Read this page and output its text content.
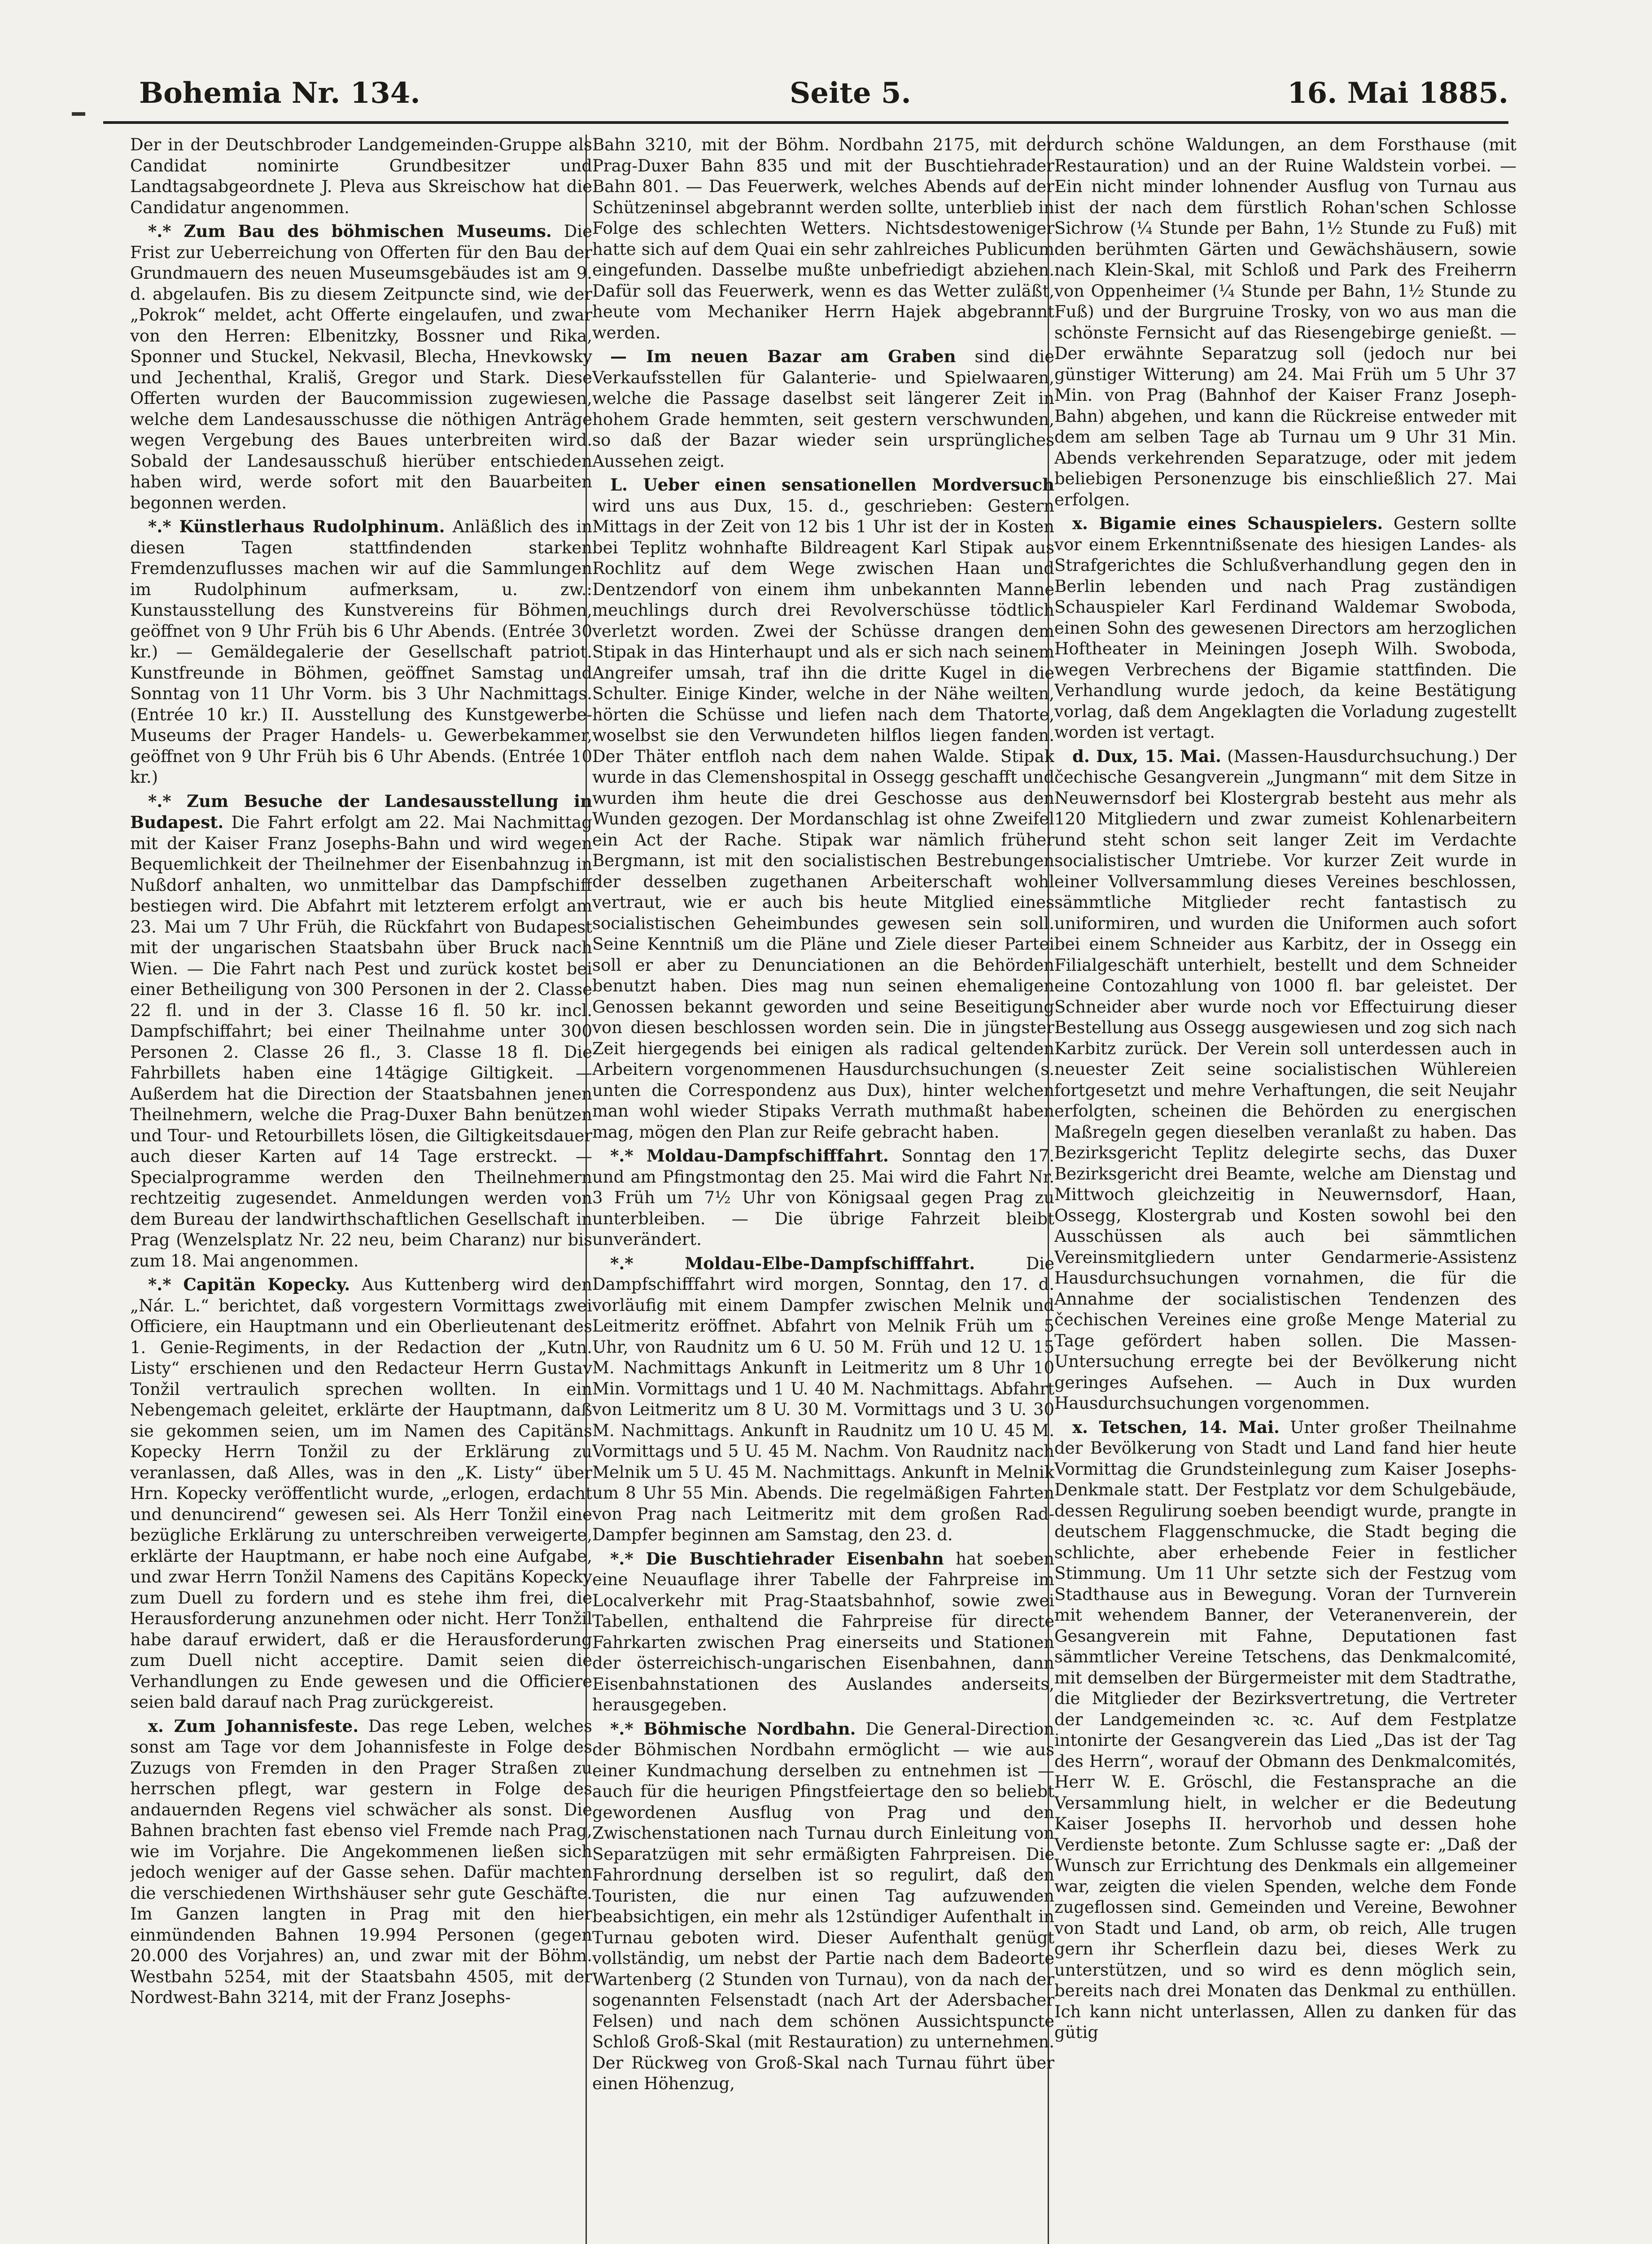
Bohemia Nr. 134.	Seite 5.	16. Mai 1885.

Der in der Deutschbroder Landgemeinden-Gruppe als Candidat nominirte Grundbesitzer und Landtagsabgeordnete J. Pleva aus Skreischow hat die Candidatur angenommen.

*.* Zum Bau des böhmischen Museums. Die Frist zur Ueberreichung von Offerten für den Bau der Grundmauern des neuen Museumsgebäudes ist am 9. d. abgelaufen. Bis zu diesem Zeitpuncte sind, wie der „Pokrok“ meldet, acht Offerte eingelaufen, und zwar von den Herren: Elbenitzky, Bossner und Rika, Sponner und Stuckel, Nekvasil, Blecha, Hnevkowsky und Jechenthal, Krališ, Gregor und Stark. Diese Offerten wurden der Baucommission zugewiesen, welche dem Landesausschusse die nöthigen Anträge wegen Vergebung des Baues unterbreiten wird. Sobald der Landesausschuß hierüber entschieden haben wird, werde sofort mit den Bauarbeiten begonnen werden.

*.* Künstlerhaus Rudolphinum. Anläßlich des in diesen Tagen stattfindenden starken Fremdenzuflusses machen wir auf die Sammlungen im Rudolphinum aufmerksam, u. zw.: Kunstausstellung des Kunstvereins für Böhmen, geöffnet von 9 Uhr Früh bis 6 Uhr Abends. (Entrée 30 kr.) — Gemäldegalerie der Gesellschaft patriot. Kunstfreunde in Böhmen, geöffnet Samstag und Sonntag von 11 Uhr Vorm. bis 3 Uhr Nachmittags. (Entrée 10 kr.) II. Ausstellung des Kunstgewerbe-Museums der Prager Handels- u. Gewerbekammer, geöffnet von 9 Uhr Früh bis 6 Uhr Abends. (Entrée 10 kr.)

*.* Zum Besuche der Landesausstellung in Budapest. Die Fahrt erfolgt am 22. Mai Nachmittag mit der Kaiser Franz Josephs-Bahn und wird wegen Bequemlichkeit der Theilnehmer der Eisenbahnzug in Nußdorf anhalten, wo unmittelbar das Dampfschiff bestiegen wird. Die Abfahrt mit letzterem erfolgt am 23. Mai um 7 Uhr Früh, die Rückfahrt von Budapest mit der ungarischen Staatsbahn über Bruck nach Wien. — Die Fahrt nach Pest und zurück kostet bei einer Betheiligung von 300 Personen in der 2. Classe 22 fl. und in der 3. Classe 16 fl. 50 kr. incl. Dampfschiffahrt; bei einer Theilnahme unter 300 Personen 2. Classe 26 fl., 3. Classe 18 fl. Die Fahrbillets haben eine 14tägige Giltigkeit. — Außerdem hat die Direction der Staatsbahnen jenen Theilnehmern, welche die Prag-Duxer Bahn benützen und Tour- und Retourbillets lösen, die Giltigkeitsdauer auch dieser Karten auf 14 Tage erstreckt. — Specialprogramme werden den Theilnehmern rechtzeitig zugesendet. Anmeldungen werden von dem Bureau der landwirthschaftlichen Gesellschaft in Prag (Wenzelsplatz Nr. 22 neu, beim Charanz) nur bis zum 18. Mai angenommen.

*.* Capitän Kopecky. Aus Kuttenberg wird den „Nár. L.“ berichtet, daß vorgestern Vormittags zwei Officiere, ein Hauptmann und ein Oberlieutenant des 1. Genie-Regiments, in der Redaction der „Kutn. Listy“ erschienen und den Redacteur Herrn Gustav Tonžil vertraulich sprechen wollten. In ein Nebengemach geleitet, erklärte der Hauptmann, daß sie gekommen seien, um im Namen des Capitäns Kopecky Herrn Tonžil zu der Erklärung zu veranlassen, daß Alles, was in den „K. Listy“ über Hrn. Kopecky veröffentlicht wurde, „erlogen, erdacht und denuncirend“ gewesen sei. Als Herr Tonžil eine bezügliche Erklärung zu unterschreiben verweigerte, erklärte der Hauptmann, er habe noch eine Aufgabe, und zwar Herrn Tonžil Namens des Capitäns Kopecky zum Duell zu fordern und es stehe ihm frei, die Herausforderung anzunehmen oder nicht. Herr Tonžil habe darauf erwidert, daß er die Herausforderung zum Duell nicht acceptire. Damit seien die Verhandlungen zu Ende gewesen und die Officiere seien bald darauf nach Prag zurückgereist.

x. Zum Johannisfeste. Das rege Leben, welches sonst am Tage vor dem Johannisfeste in Folge des Zuzugs von Fremden in den Prager Straßen zu herrschen pflegt, war gestern in Folge des andauernden Regens viel schwächer als sonst. Die Bahnen brachten fast ebenso viel Fremde nach Prag, wie im Vorjahre. Die Angekommenen ließen sich jedoch weniger auf der Gasse sehen. Dafür machten die verschiedenen Wirthshäuser sehr gute Geschäfte. Im Ganzen langten in Prag mit den hier einmündenden Bahnen 19.994 Personen (gegen 20.000 des Vorjahres) an, und zwar mit der Böhm. Westbahn 5254, mit der Staatsbahn 4505, mit der Nordwest-Bahn 3214, mit der Franz Josephs-

Bahn 3210, mit der Böhm. Nordbahn 2175, mit der Prag-Duxer Bahn 835 und mit der Buschtiehrader Bahn 801. — Das Feuerwerk, welches Abends auf der Schützeninsel abgebrannt werden sollte, unterblieb in Folge des schlechten Wetters. Nichtsdestoweniger hatte sich auf dem Quai ein sehr zahlreiches Publicum eingefunden. Dasselbe mußte unbefriedigt abziehen. Dafür soll das Feuerwerk, wenn es das Wetter zuläßt, heute vom Mechaniker Herrn Hajek abgebrannt werden.

— Im neuen Bazar am Graben sind die Verkaufsstellen für Galanterie- und Spielwaaren, welche die Passage daselbst seit längerer Zeit in hohem Grade hemmten, seit gestern verschwunden, so daß der Bazar wieder sein ursprüngliches Aussehen zeigt.

L. Ueber einen sensationellen Mordversuch wird uns aus Dux, 15. d., geschrieben: Gestern Mittags in der Zeit von 12 bis 1 Uhr ist der in Kosten bei Teplitz wohnhafte Bildreagent Karl Stipak aus Rochlitz auf dem Wege zwischen Haan und Dentzendorf von einem ihm unbekannten Manne meuchlings durch drei Revolverschüsse tödtlich verletzt worden. Zwei der Schüsse drangen dem Stipak in das Hinterhaupt und als er sich nach seinem Angreifer umsah, traf ihn die dritte Kugel in die Schulter. Einige Kinder, welche in der Nähe weilten, hörten die Schüsse und liefen nach dem Thatorte, woselbst sie den Verwundeten hilflos liegen fanden. Der Thäter entfloh nach dem nahen Walde. Stipak wurde in das Clemenshospital in Ossegg geschafft und wurden ihm heute die drei Geschosse aus den Wunden gezogen. Der Mordanschlag ist ohne Zweifel ein Act der Rache. Stipak war nämlich früher Bergmann, ist mit den socialistischen Bestrebungen der desselben zugethanen Arbeiterschaft wohl vertraut, wie er auch bis heute Mitglied eines socialistischen Geheimbundes gewesen sein soll. Seine Kenntniß um die Pläne und Ziele dieser Partei soll er aber zu Denunciationen an die Behörden benutzt haben. Dies mag nun seinen ehemaligen Genossen bekannt geworden und seine Beseitigung von diesen beschlossen worden sein. Die in jüngster Zeit hiergegends bei einigen als radical geltenden Arbeitern vorgenommenen Hausdurchsuchungen (s. unten die Correspondenz aus Dux), hinter welchen man wohl wieder Stipaks Verrath muthmaßt haben mag, mögen den Plan zur Reife gebracht haben.

*.* Moldau-Dampfschifffahrt. Sonntag den 17. und am Pfingstmontag den 25. Mai wird die Fahrt Nr. 3 Früh um 7½ Uhr von Königsaal gegen Prag zu unterbleiben. — Die übrige Fahrzeit bleibt unverändert.

*.* Moldau-Elbe-Dampfschifffahrt.	Die Dampfschifffahrt wird morgen, Sonntag, den 17. d. vorläufig mit einem Dampfer zwischen Melnik und Leitmeritz eröffnet. Abfahrt von Melnik Früh um 5 Uhr, von Raudnitz um 6 U. 50 M. Früh und 12 U. 15 M. Nachmittags Ankunft in Leitmeritz um 8 Uhr 10 Min. Vormittags und 1 U. 40 M. Nachmittags. Abfahrt von Leitmeritz um 8 U. 30 M. Vormittags und 3 U. 30 M. Nachmittags. Ankunft in Raudnitz um 10 U. 45 M. Vormittags und 5 U. 45 M. Nachm. Von Raudnitz nach Melnik um 5 U. 45 M. Nachmittags. Ankunft in Melnik um 8 Uhr 55 Min. Abends. Die regelmäßigen Fahrten von Prag nach Leitmeritz mit dem großen Rad-Dampfer beginnen am Samstag, den 23. d.

*.* Die Buschtiehrader Eisenbahn hat soeben eine Neuauflage ihrer Tabelle der Fahrpreise im Localverkehr mit Prag-Staatsbahnhof, sowie zwei Tabellen, enthaltend die Fahrpreise für directe Fahrkarten zwischen Prag einerseits und Stationen der österreichisch-ungarischen Eisenbahnen, dann Eisenbahnstationen des Auslandes anderseits, herausgegeben.

*.* Böhmische Nordbahn. Die General-Direction der Böhmischen Nordbahn ermöglicht — wie aus einer Kundmachung derselben zu entnehmen ist — auch für die heurigen Pfingstfeiertage den so beliebt gewordenen Ausflug von Prag und den Zwischenstationen nach Turnau durch Einleitung von Separatzügen mit sehr ermäßigten Fahrpreisen. Die Fahrordnung derselben ist so regulirt, daß den Touristen, die nur einen Tag aufzuwenden beabsichtigen, ein mehr als 12stündiger Aufenthalt in Turnau geboten wird. Dieser Aufenthalt genügt vollständig, um nebst der Partie nach dem Badeorte Wartenberg (2 Stunden von Turnau), von da nach der sogenannten Felsenstadt (nach Art der Adersbacher Felsen) und nach dem schönen Aussichtspuncte Schloß Groß-Skal (mit Restauration) zu unternehmen. Der Rückweg von Groß-Skal nach Turnau führt über einen Höhenzug,

durch schöne Waldungen, an dem Forsthause (mit Restauration) und an der Ruine Waldstein vorbei. — Ein nicht minder lohnender Ausflug von Turnau aus ist der nach dem fürstlich Rohan'schen Schlosse Sichrow (¼ Stunde per Bahn, 1½ Stunde zu Fuß) mit den berühmten Gärten und Gewächshäusern, sowie nach Klein-Skal, mit Schloß und Park des Freiherrn von Oppenheimer (¼ Stunde per Bahn, 1½ Stunde zu Fuß) und der Burgruine Trosky, von wo aus man die schönste Fernsicht auf das Riesengebirge genießt. — Der erwähnte Separatzug soll (jedoch nur bei günstiger Witterung) am 24. Mai Früh um 5 Uhr 37 Min. von Prag (Bahnhof der Kaiser Franz Joseph-Bahn) abgehen, und kann die Rückreise entweder mit dem am selben Tage ab Turnau um 9 Uhr 31 Min. Abends verkehrenden Separatzuge, oder mit jedem beliebigen Personenzuge bis einschließlich 27. Mai erfolgen.

x. Bigamie eines Schauspielers. Gestern sollte vor einem Erkenntnißsenate des hiesigen Landes- als Strafgerichtes die Schlußverhandlung gegen den in Berlin lebenden und nach Prag zuständigen Schauspieler Karl Ferdinand Waldemar Swoboda, einen Sohn des gewesenen Directors am herzoglichen Hoftheater in Meiningen Joseph Wilh. Swoboda, wegen Verbrechens der Bigamie stattfinden. Die Verhandlung wurde jedoch, da keine Bestätigung vorlag, daß dem Angeklagten die Vorladung zugestellt worden ist vertagt.

d. Dux, 15. Mai. (Massen-Hausdurchsuchung.) Der čechische Gesangverein „Jungmann“ mit dem Sitze in Neuwernsdorf bei Klostergrab besteht aus mehr als 120 Mitgliedern und zwar zumeist Kohlenarbeitern und steht schon seit langer Zeit im Verdachte socialistischer Umtriebe. Vor kurzer Zeit wurde in einer Vollversammlung dieses Vereines beschlossen, sämmtliche Mitglieder recht fantastisch zu uniformiren, und wurden die Uniformen auch sofort bei einem Schneider aus Karbitz, der in Ossegg ein Filialgeschäft unterhielt, bestellt und dem Schneider eine Contozahlung von 1000 fl. bar geleistet. Der Schneider aber wurde noch vor Effectuirung dieser Bestellung aus Ossegg ausgewiesen und zog sich nach Karbitz zurück. Der Verein soll unterdessen auch in neuester Zeit seine socialistischen Wühlereien fortgesetzt und mehre Verhaftungen, die seit Neujahr erfolgten, scheinen die Behörden zu energischen Maßregeln gegen dieselben veranlaßt zu haben. Das Bezirksgericht Teplitz delegirte sechs, das Duxer Bezirksgericht drei Beamte, welche am Dienstag und Mittwoch gleichzeitig in Neuwernsdorf, Haan, Ossegg, Klostergrab und Kosten sowohl bei den Ausschüssen als auch bei sämmtlichen Vereinsmitgliedern unter Gendarmerie-Assistenz Hausdurchsuchungen vornahmen, die für die Annahme der socialistischen Tendenzen des čechischen Vereines eine große Menge Material zu Tage gefördert haben sollen. Die Massen-Untersuchung erregte bei der Bevölkerung nicht geringes Aufsehen. — Auch in Dux wurden Hausdurchsuchungen vorgenommen.

x. Tetschen, 14. Mai. Unter großer Theilnahme der Bevölkerung von Stadt und Land fand hier heute Vormittag die Grundsteinlegung zum Kaiser Josephs-Denkmale statt. Der Festplatz vor dem Schulgebäude, dessen Regulirung soeben beendigt wurde, prangte in deutschem Flaggenschmucke, die Stadt beging die schlichte, aber erhebende Feier in festlicher Stimmung. Um 11 Uhr setzte sich der Festzug vom Stadthause aus in Bewegung. Voran der Turnverein mit wehendem Banner, der Veteranenverein, der Gesangverein mit Fahne, Deputationen fast sämmtlicher Vereine Tetschens, das Denkmalcomité, mit demselben der Bürgermeister mit dem Stadtrathe, die Mitglieder der Bezirksvertretung, die Vertreter der Landgemeinden ꝛc. ꝛc. Auf dem Festplatze intonirte der Gesangverein das Lied „Das ist der Tag des Herrn“, worauf der Obmann des Denkmalcomités, Herr W. E. Gröschl, die Festansprache an die Versammlung hielt, in welcher er die Bedeutung Kaiser Josephs II. hervorhob und dessen hohe Verdienste betonte. Zum Schlusse sagte er: „Daß der Wunsch zur Errichtung des Denkmals ein allgemeiner war, zeigten die vielen Spenden, welche dem Fonde zugeflossen sind. Gemeinden und Vereine, Bewohner von Stadt und Land, ob arm, ob reich, Alle trugen gern ihr Scherflein dazu bei, dieses Werk zu unterstützen, und so wird es denn möglich sein, bereits nach drei Monaten das Denkmal zu enthüllen. Ich kann nicht unterlassen, Allen zu danken für das gütig
